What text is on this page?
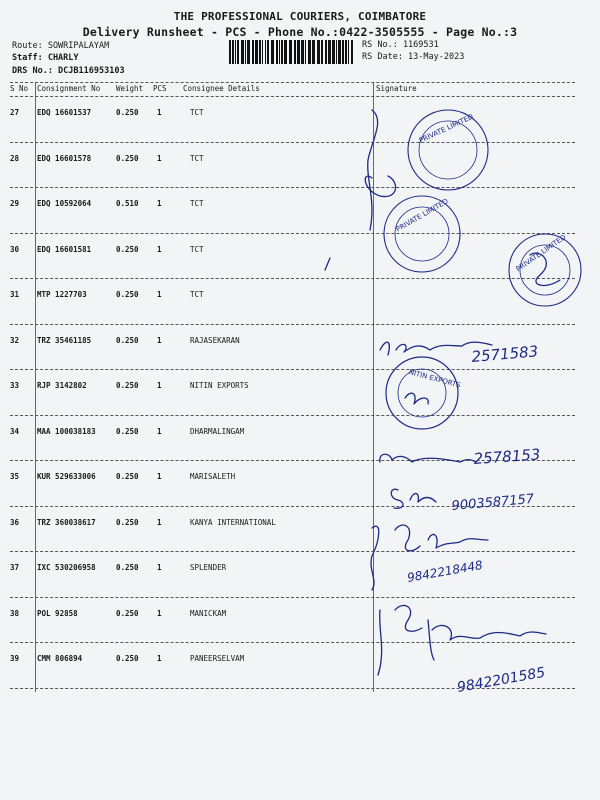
THE PROFESSIONAL COURIERS, COIMBATORE
Delivery Runsheet - PCS - Phone No.:0422-3505555 - Page No.:3
Route: SOWRIPALAYAM
Staff: CHARLY
DRS No.: DCJB116953103
RS No.: 1169531
RS Date: 13-May-2023
S No Consignment No Weight PCS Consignee Details	Signature
27 EDQ 16601537	0.250 1	TCT
28 EDQ 16601578	0.250 1	TCT
29 EDQ 10592064	0.510 1	TCT
30 EDQ 16601581	0.250 1	TCT
31 MTP 1227703	0.250 1	TCT
32 TRZ 35461185	0.250 1	RAJASEKARAN
33 RJP 3142802	0.250 1	NITIN EXPORTS
34 MAA 100038183	0.250 1	DHARMALINGAM
35 KUR 529633006	0.250 1	MARISALETH
36 TRZ 360038617	0.250 1	KANYA INTERNATIONAL
37 IXC 530206958	0.250 1	SPLENDER
38 POL 92858	0.250 1	MANICKAM
39 CMM 806894	0.250 1	PANEERSELVAM
PRIVATE LIMITED
PRIVATE LIMITED
PRIVATE LIMITED
NITIN EXPORTS
2571583
2578153
9003587157
9842218448
9842201585
